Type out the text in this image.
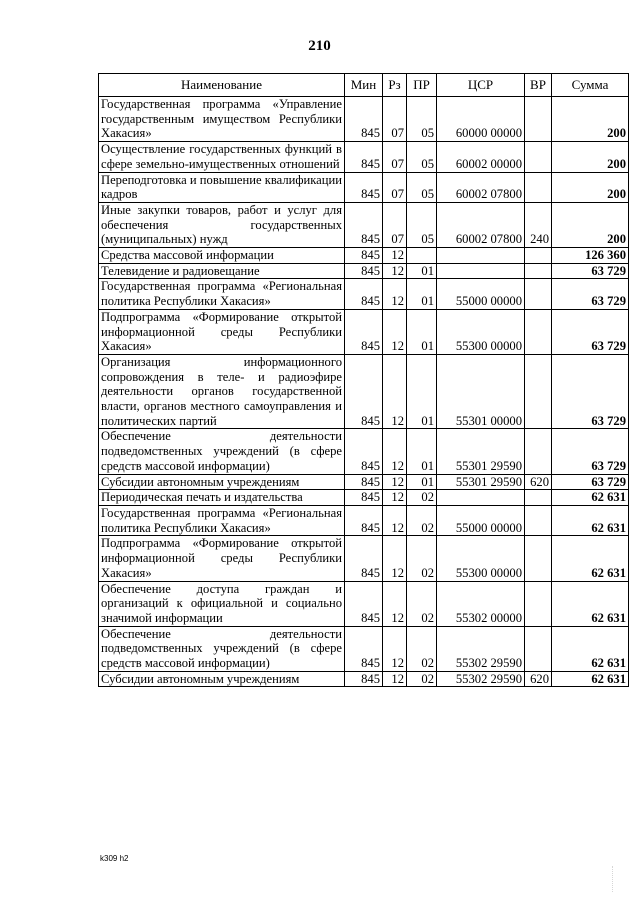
210
Наименование	Мин	Рз	ПР	ЦСР	ВР	Сумма
Государственная программа «Управление государственным имуществом Республики Хакасия»	845	07	05	60000 00000		200
Осуществление государственных функций в сфере земельно-имущественных отношений	845	07	05	60002 00000		200
Переподготовка и повышение квалификации кадров	845	07	05	60002 07800		200
Иные закупки товаров, работ и услуг для обеспечения государственных (муниципальных) нужд	845	07	05	60002 07800	240	200
Средства массовой информации	845	12				126 360
Телевидение и радиовещание	845	12	01			63 729
Государственная программа «Региональная политика Республики Хакасия»	845	12	01	55000 00000		63 729
Подпрограмма «Формирование открытой информационной среды Республики Хакасия»	845	12	01	55300 00000		63 729
Организация информационного сопровождения в теле- и радиоэфире деятельности органов государственной власти, органов местного самоуправления и политических партий	845	12	01	55301 00000		63 729
Обеспечение деятельности подведомственных учреждений (в сфере средств массовой информации)	845	12	01	55301 29590		63 729
Субсидии автономным учреждениям	845	12	01	55301 29590	620	63 729
Периодическая печать и издательства	845	12	02			62 631
Государственная программа «Региональная политика Республики Хакасия»	845	12	02	55000 00000		62 631
Подпрограмма «Формирование открытой информационной среды Республики Хакасия»	845	12	02	55300 00000		62 631
Обеспечение доступа граждан и организаций к официальной и социально значимой информации	845	12	02	55302 00000		62 631
Обеспечение деятельности подведомственных учреждений (в сфере средств массовой информации)	845	12	02	55302 29590		62 631
Субсидии автономным учреждениям	845	12	02	55302 29590	620	62 631
k309 h2
